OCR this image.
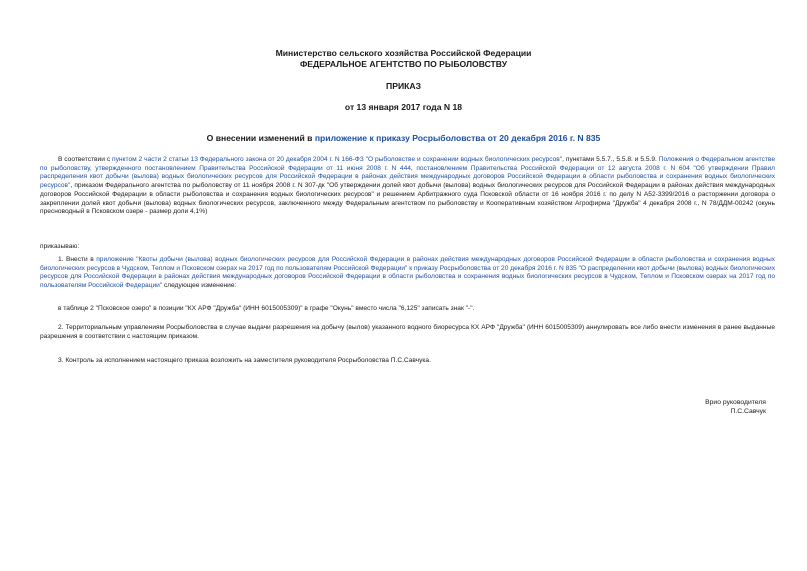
Министерство сельского хозяйства Российской Федерации
ФЕДЕРАЛЬНОЕ АГЕНТСТВО ПО РЫБОЛОВСТВУ
ПРИКАЗ
от 13 января 2017 года N 18
О внесении изменений в приложение к приказу Росрыболовства от 20 декабря 2016 г. N 835
В соответствии с пунктом 2 части 2 статьи 13 Федерального закона от 20 декабря 2004 г. N 166-ФЗ "О рыболовстве и сохранении водных биологических ресурсов", пунктами 5.5.7., 5.5.8. и 5.5.9. Положения о Федеральном агентстве по рыболовству, утвержденного постановлением Правительства Российской Федерации от 11 июня 2008 г. N 444, постановлением Правительства Российской Федерации от 12 августа 2008 г. N 604 "Об утверждении Правил распределения квот добычи (вылова) водных биологических ресурсов для Российской Федерации в районах действия международных договоров Российской Федерации в области рыболовства и сохранения водных биологических ресурсов", приказом Федерального агентства по рыболовству от 11 ноября 2008 г. N 307-дк "Об утверждении долей квот добычи (вылова) водных биологических ресурсов для Российской Федерации в районах действия международных договоров Российской Федерации в области рыболовства и сохранения водных биологических ресурсов" и решением Арбитражного суда Псковской области от 16 ноября 2016 г. по делу N А52-3399/2016 о расторжении договора о закреплении долей квот добычи (вылова) водных биологических ресурсов, заключенного между Федеральным агентством по рыболовству и Кооперативным хозяйством Агрофирма "Дружба" 4 декабря 2008 г., N 78/ДДМ-00242 (окунь пресноводный в Псковском озере - размер доли 4,1%)
приказываю:
1. Внести в приложение "Квоты добычи (вылова) водных биологических ресурсов для Российской Федерации в районах действия международных договоров Российской Федерации в области рыболовства и сохранения водных биологических ресурсов в Чудском, Теплом и Псковском озерах на 2017 год по пользователям Российской Федерации" к приказу Росрыболовства от 20 декабря 2016 г. N 835 "О распределении квот добычи (вылова) водных биологических ресурсов для Российской Федерации в районах действия международных договоров Российской Федерации в области рыболовства и сохранения водных биологических ресурсов в Чудском, Теплом и Псковском озерах на 2017 год по пользователям Российской Федерации" следующее изменение:
в таблице 2 "Псковское озеро" в позиции "КХ АРФ "Дружба" (ИНН 6015005309)" в графе "Окунь" вместо числа "6,125" записать знак "-".
2. Территориальным управлениям Росрыболовства в случае выдачи разрешения на добычу (вылов) указанного водного биоресурса КХ АРФ "Дружба" (ИНН 6015005309) аннулировать все либо внести изменения в ранее выданные разрешения в соответствии с настоящим приказом.
3. Контроль за исполнением настоящего приказа возложить на заместителя руководителя Росрыболовства П.С.Савчука.
Врио руководителя
П.С.Савчук
